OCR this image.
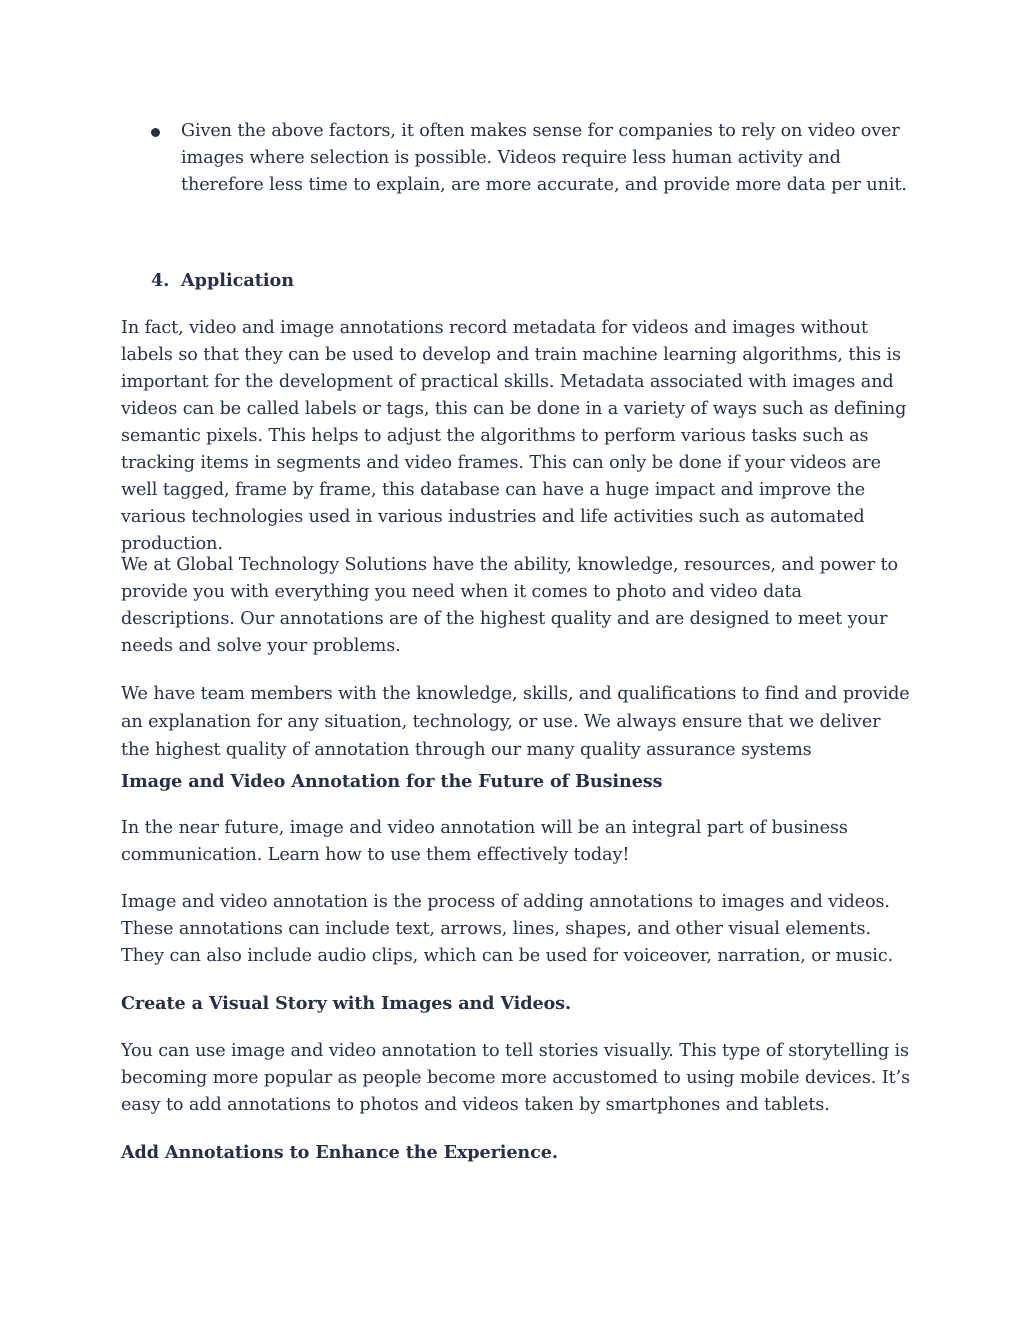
Given the above factors, it often makes sense for companies to rely on video over images where selection is possible. Videos require less human activity and therefore less time to explain, are more accurate, and provide more data per unit.

4. Application

In fact, video and image annotations record metadata for videos and images without labels so that they can be used to develop and train machine learning algorithms, this is important for the development of practical skills. Metadata associated with images and videos can be called labels or tags, this can be done in a variety of ways such as defining semantic pixels. This helps to adjust the algorithms to perform various tasks such as tracking items in segments and video frames. This can only be done if your videos are well tagged, frame by frame, this database can have a huge impact and improve the various technologies used in various industries and life activities such as automated production.

We at Global Technology Solutions have the ability, knowledge, resources, and power to provide you with everything you need when it comes to photo and video data descriptions. Our annotations are of the highest quality and are designed to meet your needs and solve your problems.

We have team members with the knowledge, skills, and qualifications to find and provide an explanation for any situation, technology, or use. We always ensure that we deliver the highest quality of annotation through our many quality assurance systems

Image and Video Annotation for the Future of Business

In the near future, image and video annotation will be an integral part of business communication. Learn how to use them effectively today!

Image and video annotation is the process of adding annotations to images and videos. These annotations can include text, arrows, lines, shapes, and other visual elements. They can also include audio clips, which can be used for voiceover, narration, or music.

Create a Visual Story with Images and Videos.

You can use image and video annotation to tell stories visually. This type of storytelling is becoming more popular as people become more accustomed to using mobile devices. It’s easy to add annotations to photos and videos taken by smartphones and tablets.

Add Annotations to Enhance the Experience.
